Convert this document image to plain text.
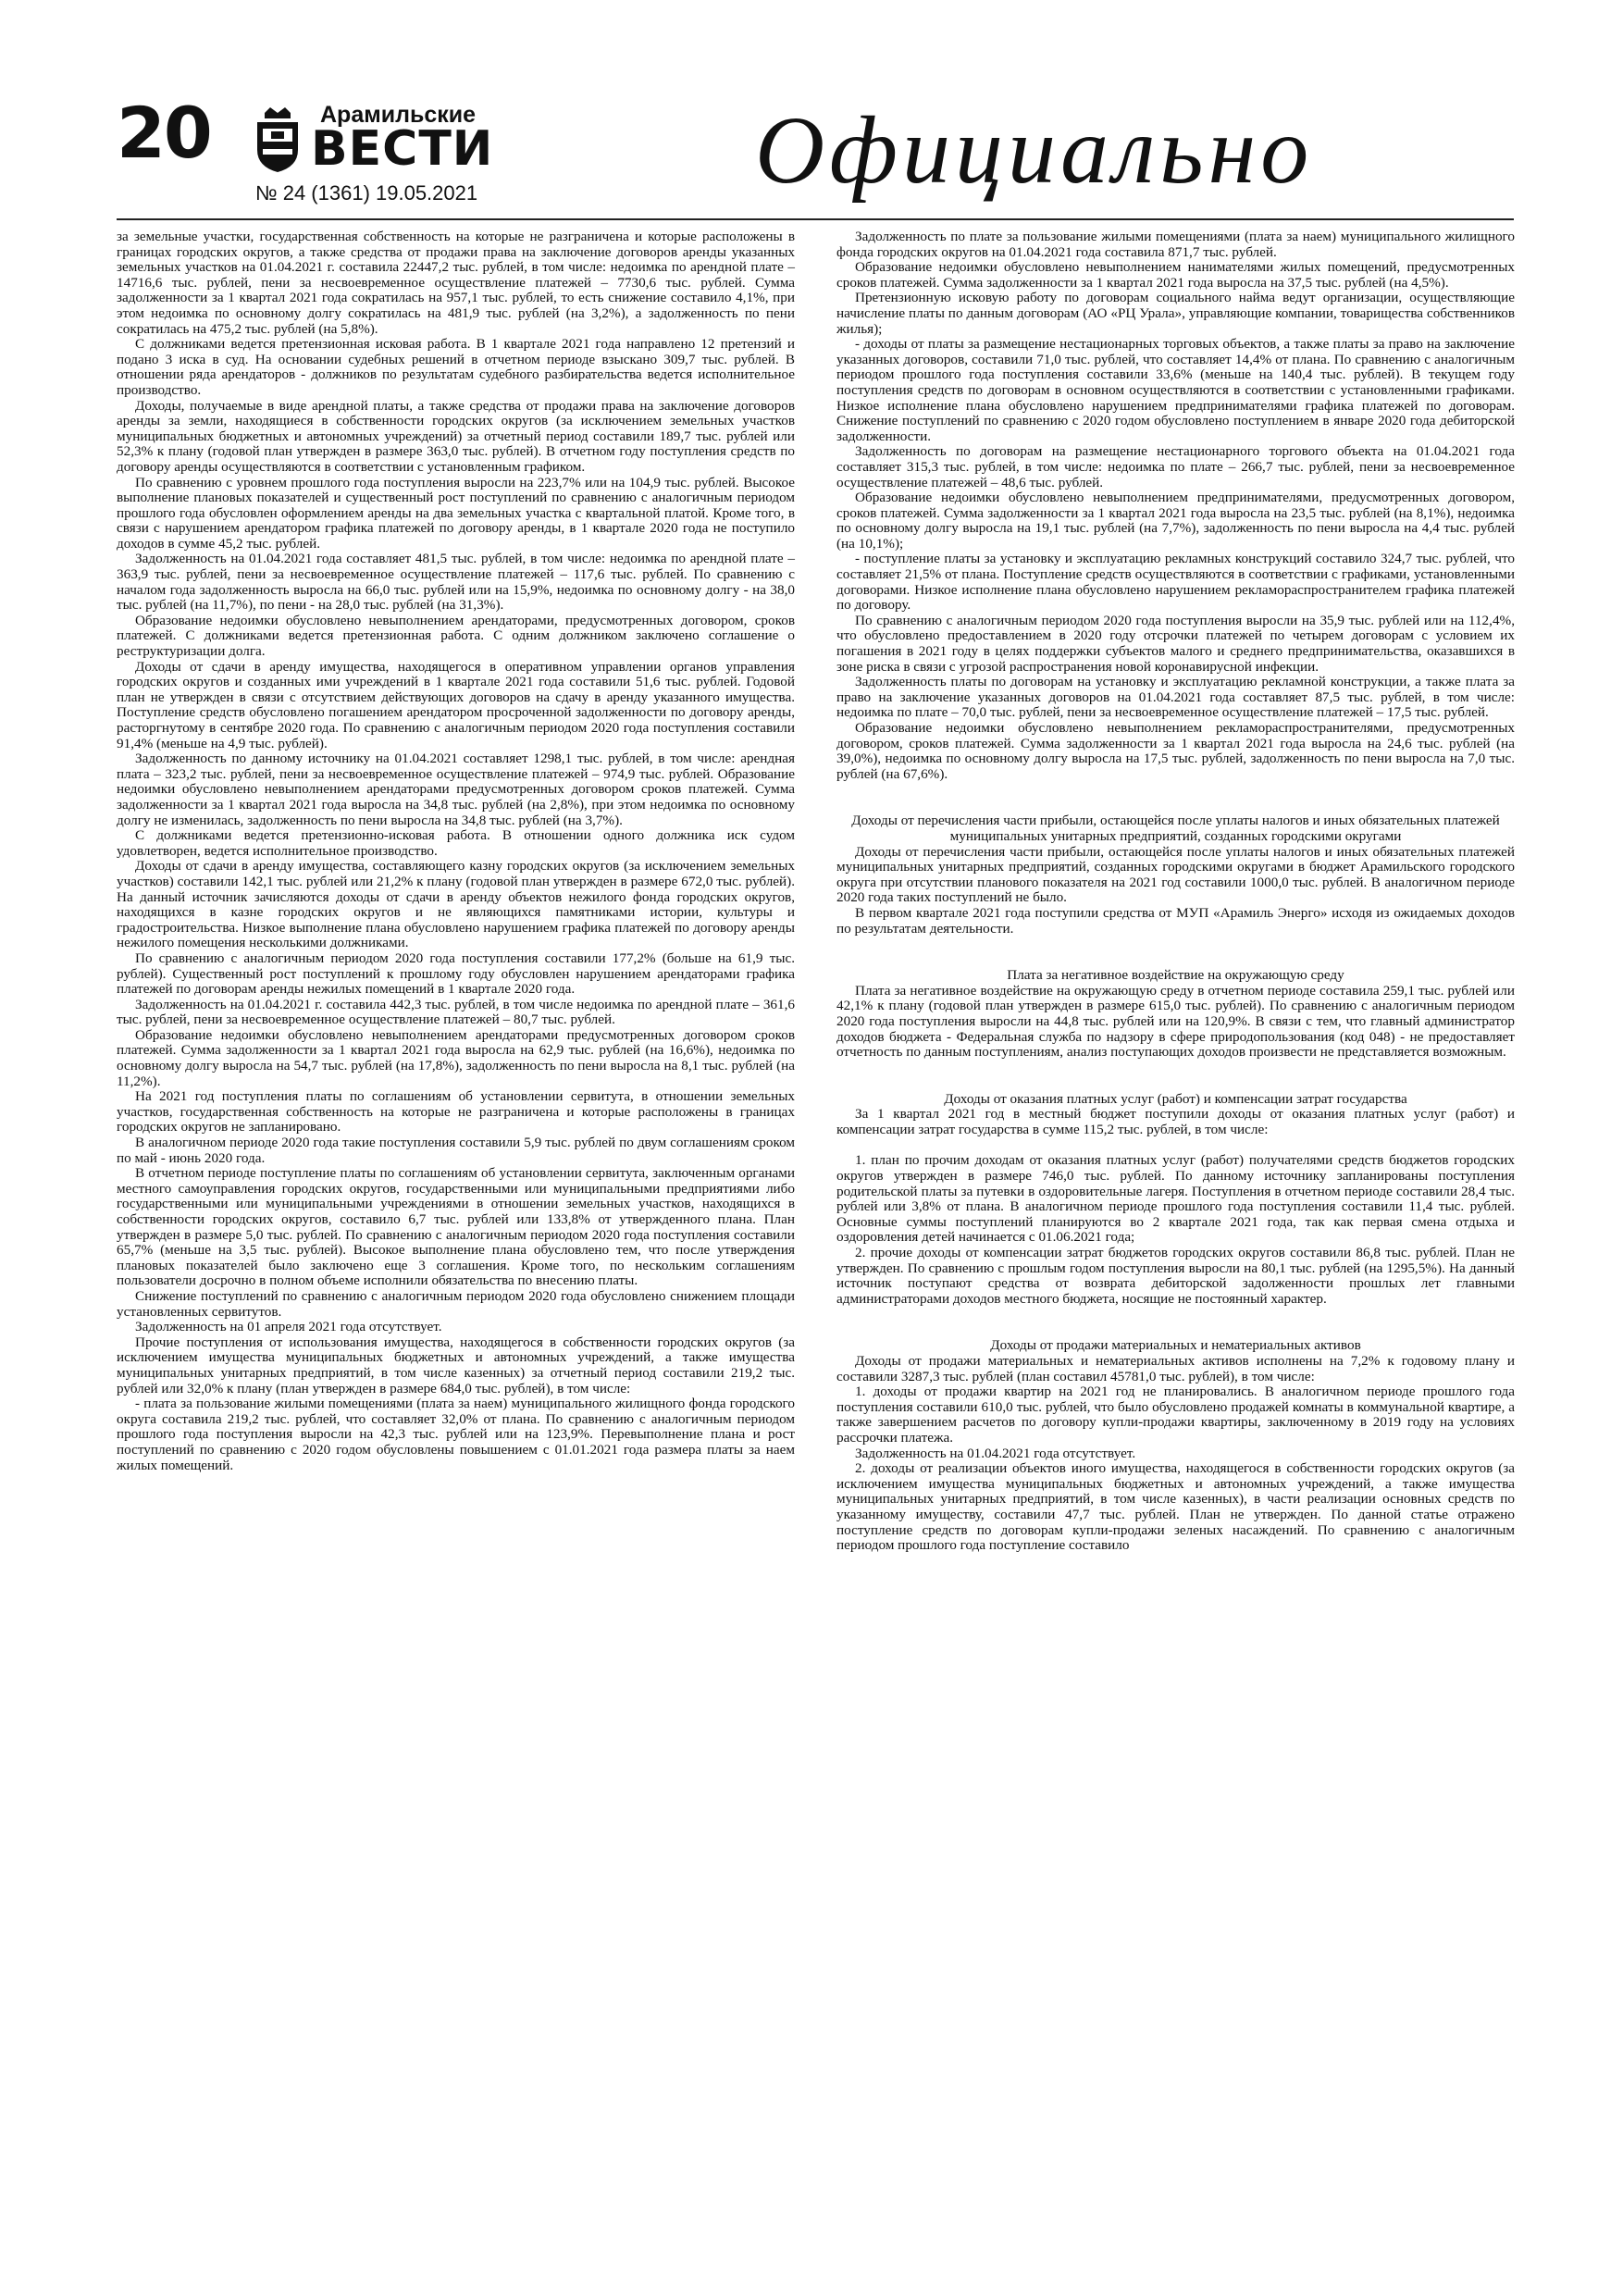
20	Арамильские
ВЕСТИ
№ 24 (1361) 19.05.2021	Официально

за земельные участки, государственная собственность на которые не разграничена и которые расположены в границах городских округов, а также средства от продажи права на заключение договоров аренды указанных земельных участков на 01.04.2021 г. составила 22447,2 тыс. рублей, в том числе: недоимка по арендной плате – 14716,6 тыс. рублей, пени за несвоевременное осуществление платежей – 7730,6 тыс. рублей. Сумма задолженности за 1 квартал 2021 года сократилась на 957,1 тыс. рублей, то есть снижение составило 4,1%, при этом недоимка по основному долгу сократилась на 481,9 тыс. рублей (на 3,2%), а задолженность по пени сократилась на 475,2 тыс. рублей (на 5,8%).

С должниками ведется претензионная исковая работа. В 1 квартале 2021 года направлено 12 претензий и подано 3 иска в суд. На основании судебных решений в отчетном периоде взыскано 309,7 тыс. рублей. В отношении ряда арендаторов - должников по результатам судебного разбирательства ведется исполнительное производство.

Доходы, получаемые в виде арендной платы, а также средства от продажи права на заключение договоров аренды за земли, находящиеся в собственности городских округов (за исключением земельных участков муниципальных бюджетных и автономных учреждений) за отчетный период составили 189,7 тыс. рублей или 52,3% к плану (годовой план утвержден в размере 363,0 тыс. рублей). В отчетном году поступления средств по договору аренды осуществляются в соответствии с установленным графиком.

По сравнению с уровнем прошлого года поступления выросли на 223,7% или на 104,9 тыс. рублей. Высокое выполнение плановых показателей и существенный рост поступлений по сравнению с аналогичным периодом прошлого года обусловлен оформлением аренды на два земельных участка с квартальной платой. Кроме того, в связи с нарушением арендатором графика платежей по договору аренды, в 1 квартале 2020 года не поступило доходов в сумме 45,2 тыс. рублей.

Задолженность на 01.04.2021 года составляет 481,5 тыс. рублей, в том числе: недоимка по арендной плате – 363,9 тыс. рублей, пени за несвоевременное осуществление платежей – 117,6 тыс. рублей. По сравнению с началом года задолженность выросла на 66,0 тыс. рублей или на 15,9%, недоимка по основному долгу - на 38,0 тыс. рублей (на 11,7%), по пени - на 28,0 тыс. рублей (на 31,3%).

Образование недоимки обусловлено невыполнением арендаторами, предусмотренных договором, сроков платежей. С должниками ведется претензионная работа. С одним должником заключено соглашение о реструктуризации долга.

Доходы от сдачи в аренду имущества, находящегося в оперативном управлении органов управления городских округов и созданных ими учреждений в 1 квартале 2021 года составили 51,6 тыс. рублей. Годовой план не утвержден в связи с отсутствием действующих договоров на сдачу в аренду указанного имущества. Поступление средств обусловлено погашением арендатором просроченной задолженности по договору аренды, расторгнутому в сентябре 2020 года. По сравнению с аналогичным периодом 2020 года поступления составили 91,4% (меньше на 4,9 тыс. рублей).

Задолженность по данному источнику на 01.04.2021 составляет 1298,1 тыс. рублей, в том числе: арендная плата – 323,2 тыс. рублей, пени за несвоевременное осуществление платежей – 974,9 тыс. рублей. Образование недоимки обусловлено невыполнением арендаторами предусмотренных договором сроков платежей. Сумма задолженности за 1 квартал 2021 года выросла на 34,8 тыс. рублей (на 2,8%), при этом недоимка по основному долгу не изменилась, задолженность по пени выросла на 34,8 тыс. рублей (на 3,7%).

С должниками ведется претензионно-исковая работа. В отношении одного должника иск судом удовлетворен, ведется исполнительное производство.

Доходы от сдачи в аренду имущества, составляющего казну городских округов (за исключением земельных участков) составили 142,1 тыс. рублей или 21,2% к плану (годовой план утвержден в размере 672,0 тыс. рублей). На данный источник зачисляются доходы от сдачи в аренду объектов нежилого фонда городских округов, находящихся в казне городских округов и не являющихся памятниками истории, культуры и градостроительства. Низкое выполнение плана обусловлено нарушением графика платежей по договору аренды нежилого помещения несколькими должниками.

По сравнению с аналогичным периодом 2020 года поступления составили 177,2% (больше на 61,9 тыс. рублей). Существенный рост поступлений к прошлому году обусловлен нарушением арендаторами графика платежей по договорам аренды нежилых помещений в 1 квартале 2020 года.

Задолженность на 01.04.2021 г. составила 442,3 тыс. рублей, в том числе недоимка по арендной плате – 361,6 тыс. рублей, пени за несвоевременное осуществление платежей – 80,7 тыс. рублей.

Образование недоимки обусловлено невыполнением арендаторами предусмотренных договором сроков платежей. Сумма задолженности за 1 квартал 2021 года выросла на 62,9 тыс. рублей (на 16,6%), недоимка по основному долгу выросла на 54,7 тыс. рублей (на 17,8%), задолженность по пени выросла на 8,1 тыс. рублей (на 11,2%).

На 2021 год поступления платы по соглашениям об установлении сервитута, в отношении земельных участков, государственная собственность на которые не разграничена и которые расположены в границах городских округов не запланировано.

В аналогичном периоде 2020 года такие поступления составили 5,9 тыс. рублей по двум соглашениям сроком по май - июнь 2020 года.

В отчетном периоде поступление платы по соглашениям об установлении сервитута, заключенным органами местного самоуправления городских округов, государственными или муниципальными предприятиями либо государственными или муниципальными учреждениями в отношении земельных участков, находящихся в собственности городских округов, составило 6,7 тыс. рублей или 133,8% от утвержденного плана. План утвержден в размере 5,0 тыс. рублей. По сравнению с аналогичным периодом 2020 года поступления составили 65,7% (меньше на 3,5 тыс. рублей). Высокое выполнение плана обусловлено тем, что после утверждения плановых показателей было заключено еще 3 соглашения. Кроме того, по нескольким соглашениям пользователи досрочно в полном объеме исполнили обязательства по внесению платы.

Снижение поступлений по сравнению с аналогичным периодом 2020 года обусловлено снижением площади установленных сервитутов.

Задолженность на 01 апреля 2021 года отсутствует.

Прочие поступления от использования имущества, находящегося в собственности городских округов (за исключением имущества муниципальных бюджетных и автономных учреждений, а также имущества муниципальных унитарных предприятий, в том числе казенных) за отчетный период составили 219,2 тыс. рублей или 32,0% к плану (план утвержден в размере 684,0 тыс. рублей), в том числе:

- плата за пользование жилыми помещениями (плата за наем) муниципального жилищного фонда городского округа составила 219,2 тыс. рублей, что составляет 32,0% от плана. По сравнению с аналогичным периодом прошлого года поступления выросли на 42,3 тыс. рублей или на 123,9%. Перевыполнение плана и рост поступлений по сравнению с 2020 годом обусловлены повышением с 01.01.2021 года размера платы за наем жилых помещений.

Задолженность по плате за пользование жилыми помещениями (плата за наем) муниципального жилищного фонда городских округов на 01.04.2021 года составила 871,7 тыс. рублей.

Образование недоимки обусловлено невыполнением нанимателями жилых помещений, предусмотренных сроков платежей. Сумма задолженности за 1 квартал 2021 года выросла на 37,5 тыс. рублей (на 4,5%).

Претензионную исковую работу по договорам социального найма ведут организации, осуществляющие начисление платы по данным договорам (АО «РЦ Урала», управляющие компании, товарищества собственников жилья);

- доходы от платы за размещение нестационарных торговых объектов, а также платы за право на заключение указанных договоров, составили 71,0 тыс. рублей, что составляет 14,4% от плана. По сравнению с аналогичным периодом прошлого года поступления составили 33,6% (меньше на 140,4 тыс. рублей). В текущем году поступления средств по договорам в основном осуществляются в соответствии с установленными графиками. Низкое исполнение плана обусловлено нарушением предпринимателями графика платежей по договорам. Снижение поступлений по сравнению с 2020 годом обусловлено поступлением в январе 2020 года дебиторской задолженности.

Задолженность по договорам на размещение нестационарного торгового объекта на 01.04.2021 года составляет 315,3 тыс. рублей, в том числе: недоимка по плате – 266,7 тыс. рублей, пени за несвоевременное осуществление платежей – 48,6 тыс. рублей.

Образование недоимки обусловлено невыполнением предпринимателями, предусмотренных договором, сроков платежей. Сумма задолженности за 1 квартал 2021 года выросла на 23,5 тыс. рублей (на 8,1%), недоимка по основному долгу выросла на 19,1 тыс. рублей (на 7,7%), задолженность по пени выросла на 4,4 тыс. рублей (на 10,1%);

- поступление платы за установку и эксплуатацию рекламных конструкций составило 324,7 тыс. рублей, что составляет 21,5% от плана. Поступление средств осуществляются в соответствии с графиками, установленными договорами. Низкое исполнение плана обусловлено нарушением рекламораспространителем графика платежей по договору.

По сравнению с аналогичным периодом 2020 года поступления выросли на 35,9 тыс. рублей или на 112,4%, что обусловлено предоставлением в 2020 году отсрочки платежей по четырем договорам с условием их погашения в 2021 году в целях поддержки субъектов малого и среднего предпринимательства, оказавшихся в зоне риска в связи с угрозой распространения новой коронавирусной инфекции.

Задолженность платы по договорам на установку и эксплуатацию рекламной конструкции, а также плата за право на заключение указанных договоров на 01.04.2021 года составляет 87,5 тыс. рублей, в том числе: недоимка по плате – 70,0 тыс. рублей, пени за несвоевременное осуществление платежей – 17,5 тыс. рублей.

Образование недоимки обусловлено невыполнением рекламораспространителями, предусмотренных договором, сроков платежей. Сумма задолженности за 1 квартал 2021 года выросла на 24,6 тыс. рублей (на 39,0%), недоимка по основному долгу выросла на 17,5 тыс. рублей, задолженность по пени выросла на 7,0 тыс. рублей (на 67,6%).

Доходы от перечисления части прибыли, остающейся после уплаты налогов и иных обязательных платежей муниципальных унитарных предприятий, созданных городскими округами

Доходы от перечисления части прибыли, остающейся после уплаты налогов и иных обязательных платежей муниципальных унитарных предприятий, созданных городскими округами в бюджет Арамильского городского округа при отсутствии планового показателя на 2021 год составили 1000,0 тыс. рублей. В аналогичном периоде 2020 года таких поступлений не было.

В первом квартале 2021 года поступили средства от МУП «Арамиль Энерго» исходя из ожидаемых доходов по результатам деятельности.

Плата за негативное воздействие на окружающую среду

Плата за негативное воздействие на окружающую среду в отчетном периоде составила 259,1 тыс. рублей или 42,1% к плану (годовой план утвержден в размере 615,0 тыс. рублей). По сравнению с аналогичным периодом 2020 года поступления выросли на 44,8 тыс. рублей или на 120,9%. В связи с тем, что главный администратор доходов бюджета - Федеральная служба по надзору в сфере природопользования (код 048) - не предоставляет отчетность по данным поступлениям, анализ поступающих доходов произвести не представляется возможным.

Доходы от оказания платных услуг (работ) и компенсации затрат государства

За 1 квартал 2021 год в местный бюджет поступили доходы от оказания платных услуг (работ) и компенсации затрат государства в сумме 115,2 тыс. рублей, в том числе:

1. план по прочим доходам от оказания платных услуг (работ) получателями средств бюджетов городских округов утвержден в размере 746,0 тыс. рублей. По данному источнику запланированы поступления родительской платы за путевки в оздоровительные лагеря. Поступления в отчетном периоде составили 28,4 тыс. рублей или 3,8% от плана. В аналогичном периоде прошлого года поступления составили 11,4 тыс. рублей. Основные суммы поступлений планируются во 2 квартале 2021 года, так как первая смена отдыха и оздоровления детей начинается с 01.06.2021 года;

2. прочие доходы от компенсации затрат бюджетов городских округов составили 86,8 тыс. рублей. План не утвержден. По сравнению с прошлым годом поступления выросли на 80,1 тыс. рублей (на 1295,5%). На данный источник поступают средства от возврата дебиторской задолженности прошлых лет главными администраторами доходов местного бюджета, носящие не постоянный характер.

Доходы от продажи материальных и нематериальных активов

Доходы от продажи материальных и нематериальных активов исполнены на 7,2% к годовому плану и составили 3287,3 тыс. рублей (план составил 45781,0 тыс. рублей), в том числе:

1. доходы от продажи квартир на 2021 год не планировались. В аналогичном периоде прошлого года поступления составили 610,0 тыс. рублей, что было обусловлено продажей комнаты в коммунальной квартире, а также завершением расчетов по договору купли-продажи квартиры, заключенному в 2019 году на условиях рассрочки платежа.

Задолженность на 01.04.2021 года отсутствует.

2. доходы от реализации объектов иного имущества, находящегося в собственности городских округов (за исключением имущества муниципальных бюджетных и автономных учреждений, а также имущества муниципальных унитарных предприятий, в том числе казенных), в части реализации основных средств по указанному имуществу, составили 47,7 тыс. рублей. План не утвержден. По данной статье отражено поступление средств по договорам купли-продажи зеленых насаждений. По сравнению с аналогичным периодом прошлого года поступление составило
